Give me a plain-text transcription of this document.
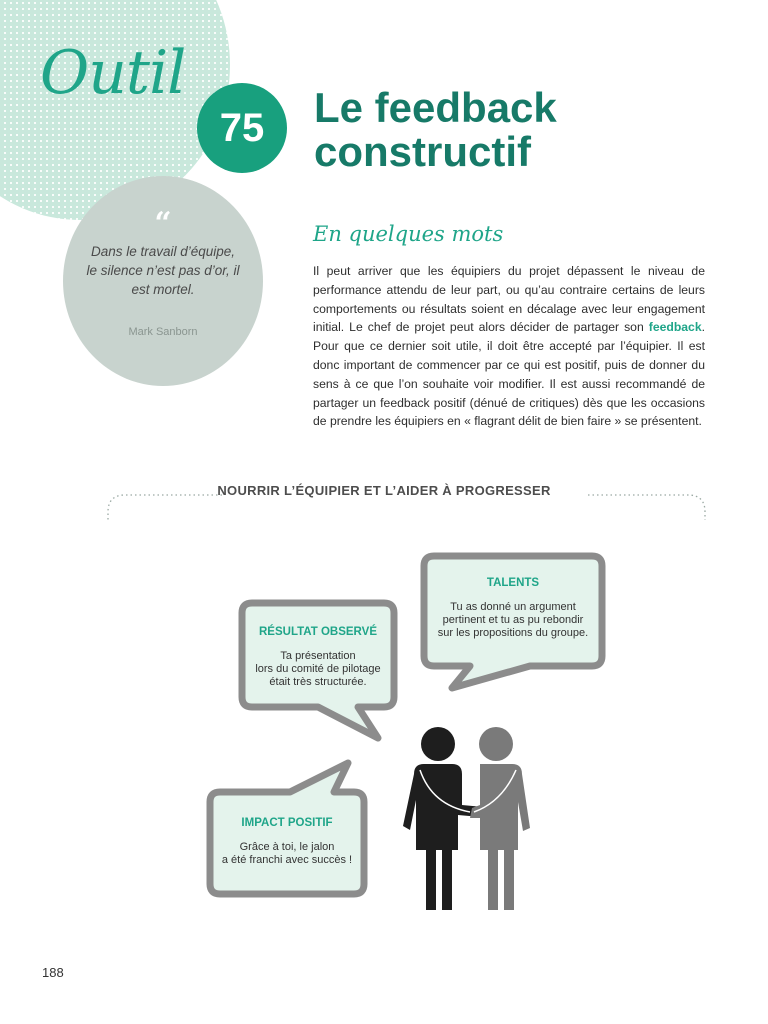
Outil
75 Le feedback
constructif
“
Dans le travail d’équipe, le silence n’est pas d’or, il est mortel.
Mark Sanborn
En quelques mots

Il peut arriver que les équipiers du projet dépassent le niveau de performance attendu de leur part, ou qu’au contraire certains de leurs comportements ou résultats soient en décalage avec leur engagement initial. Le chef de projet peut alors décider de partager son feedback. Pour que ce dernier soit utile, il doit être accepté par l’équipier. Il est donc important de commencer par ce qui est positif, puis de donner du sens à ce que l’on souhaite voir modifier. Il est aussi recommandé de partager un feedback positif (dénué de critiques) dès que les occasions de prendre les équipiers en « flagrant délit de bien faire » se présentent.

NOURRIR L’ÉQUIPIER ET L’AIDER À PROGRESSER
TALENTS
Tu as donné un argument
pertinent et tu as pu rebondir
sur les propositions du groupe.
RÉSULTAT OBSERVÉ
Ta présentation
lors du comité de pilotage
était très structurée.
IMPACT POSITIF
Grâce à toi, le jalon
a été franchi avec succès !
188
